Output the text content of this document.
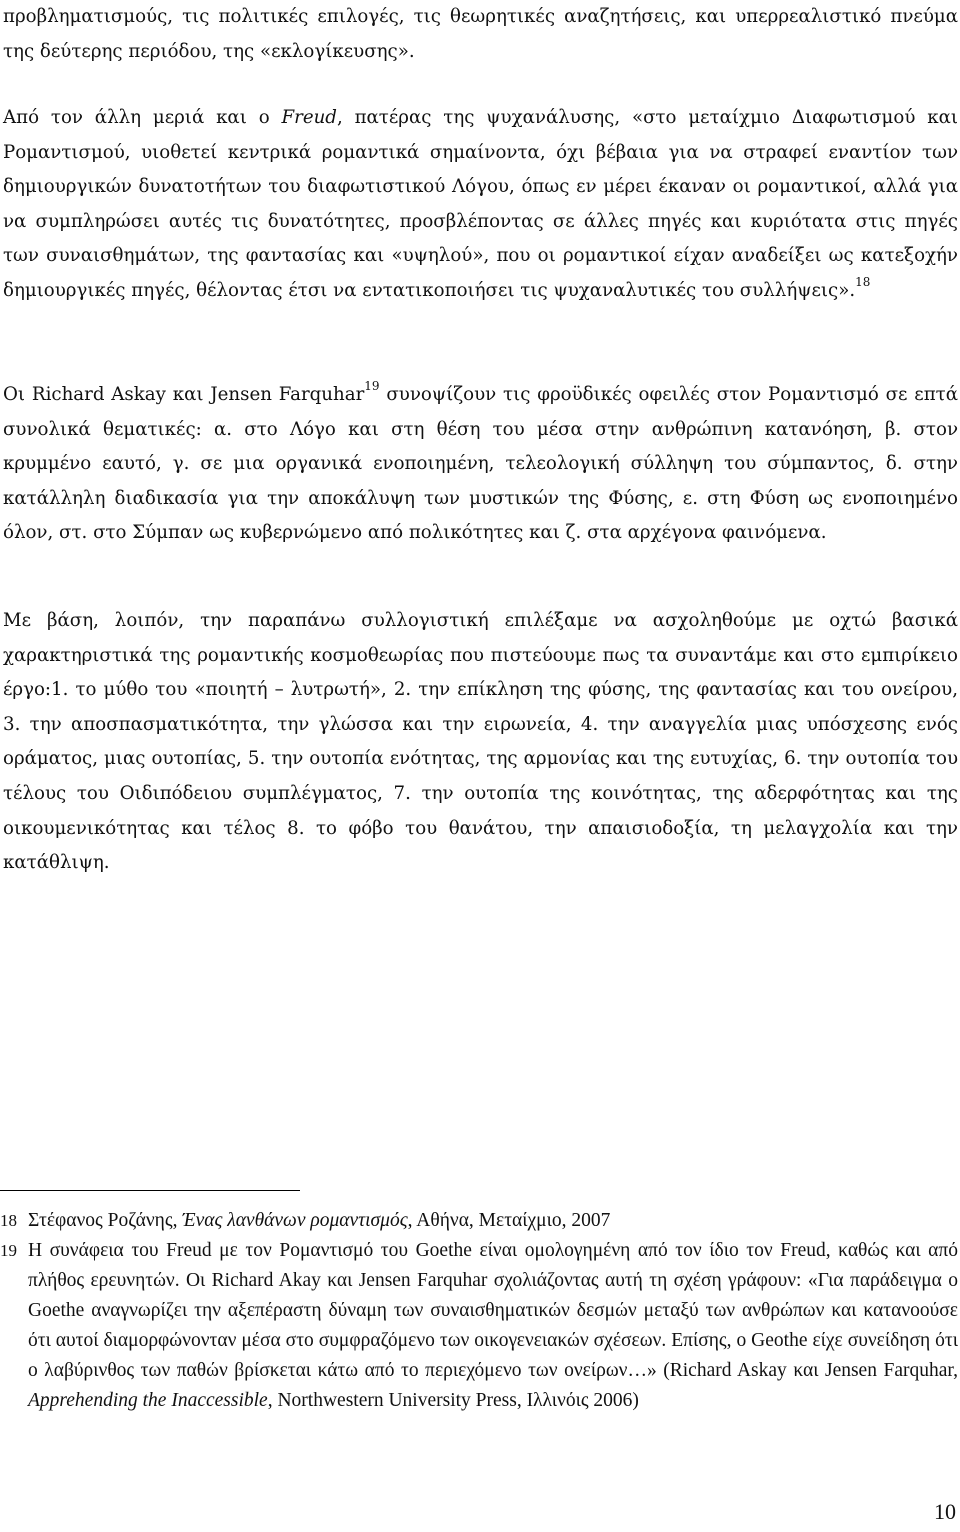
προβληματισμούς, τις πολιτικές επιλογές, τις θεωρητικές αναζητήσεις, και υπερρεαλιστικό πνεύμα της δεύτερης περιόδου, της «εκλογίκευσης».

Από τον άλλη μεριά και ο Freud, πατέρας της ψυχανάλυσης, «στο μεταίχμιο Διαφωτισμού και Ρομαντισμού, υιοθετεί κεντρικά ρομαντικά σημαίνοντα, όχι βέβαια για να στραφεί εναντίον των δημιουργικών δυνατοτήτων του διαφωτιστικού Λόγου, όπως εν μέρει έκαναν οι ρομαντικοί, αλλά για να συμπληρώσει αυτές τις δυνατότητες, προσβλέποντας σε άλλες πηγές και κυριότατα στις πηγές των συναισθημάτων, της φαντασίας και «υψηλού», που οι ρομαντικοί είχαν αναδείξει ως κατεξοχήν δημιουργικές πηγές, θέλοντας έτσι να εντατικοποιήσει τις ψυχαναλυτικές του συλλήψεις».$^{18}$

Οι Richard Askay και Jensen Farquhar$^{19}$ συνοψίζουν τις φροϋδικές οφειλές στον Ρομαντισμό σε επτά συνολικά θεματικές: α. στο Λόγο και στη θέση του μέσα στην ανθρώπινη κατανόηση, β. στον κρυμμένο εαυτό, γ. σε μια οργανικά ενοποιημένη, τελεολογική σύλληψη του σύμπαντος, δ. στην κατάλληλη διαδικασία για την αποκάλυψη των μυστικών της Φύσης, ε. στη Φύση ως ενοποιημένο όλον, στ. στο Σύμπαν ως κυβερνώμενο από πολικότητες και ζ. στα αρχέγονα φαινόμενα.

Με βάση, λοιπόν, την παραπάνω συλλογιστική επιλέξαμε να ασχοληθούμε με οχτώ βασικά χαρακτηριστικά της ρομαντικής κοσμοθεωρίας που πιστεύουμε πως τα συναντάμε και στο εμπιρίκειο έργο:1. το μύθο του «ποιητή – λυτρωτή», 2. την επίκληση της φύσης, της φαντασίας και του ονείρου, 3. την αποσπασματικότητα, την γλώσσα και την ειρωνεία, 4. την αναγγελία μιας υπόσχεσης ενός οράματος, μιας ουτοπίας, 5. την ουτοπία ενότητας, της αρμονίας και της ευτυχίας, 6. την ουτοπία του τέλους του Οιδιπόδειου συμπλέγματος, 7. την ουτοπία της κοινότητας, της αδερφότητας και της οικουμενικότητας και τέλος 8. το φόβο του θανάτου, την απαισιοδοξία, τη μελαγχολία και την κατάθλιψη.

18 Στέφανος Ροζάνης, Ένας λανθάνων ρομαντισμός, Αθήνα, Μεταίχμιο, 2007
19 Η συνάφεια του Freud με τον Ρομαντισμό του Goethe είναι ομολογημένη από τον ίδιο τον Freud, καθώς και από πλήθος ερευνητών. Οι Richard Akay και Jensen Farquhar σχολιάζοντας αυτή τη σχέση γράφουν: «Για παράδειγμα ο Goethe αναγνωρίζει την αξεπέραστη δύναμη των συναισθηματικών δεσμών μεταξύ των ανθρώπων και κατανοούσε ότι αυτοί διαμορφώνονταν μέσα στο συμφραζόμενο των οικογενειακών σχέσεων. Επίσης, ο Geothe είχε συνείδηση ότι ο λαβύρινθος των παθών βρίσκεται κάτω από το περιεχόμενο των ονείρων…» (Richard Askay και Jensen Farquhar, Apprehending the Inaccessible, Northwestern University Press, Ιλλινόις 2006)
10
